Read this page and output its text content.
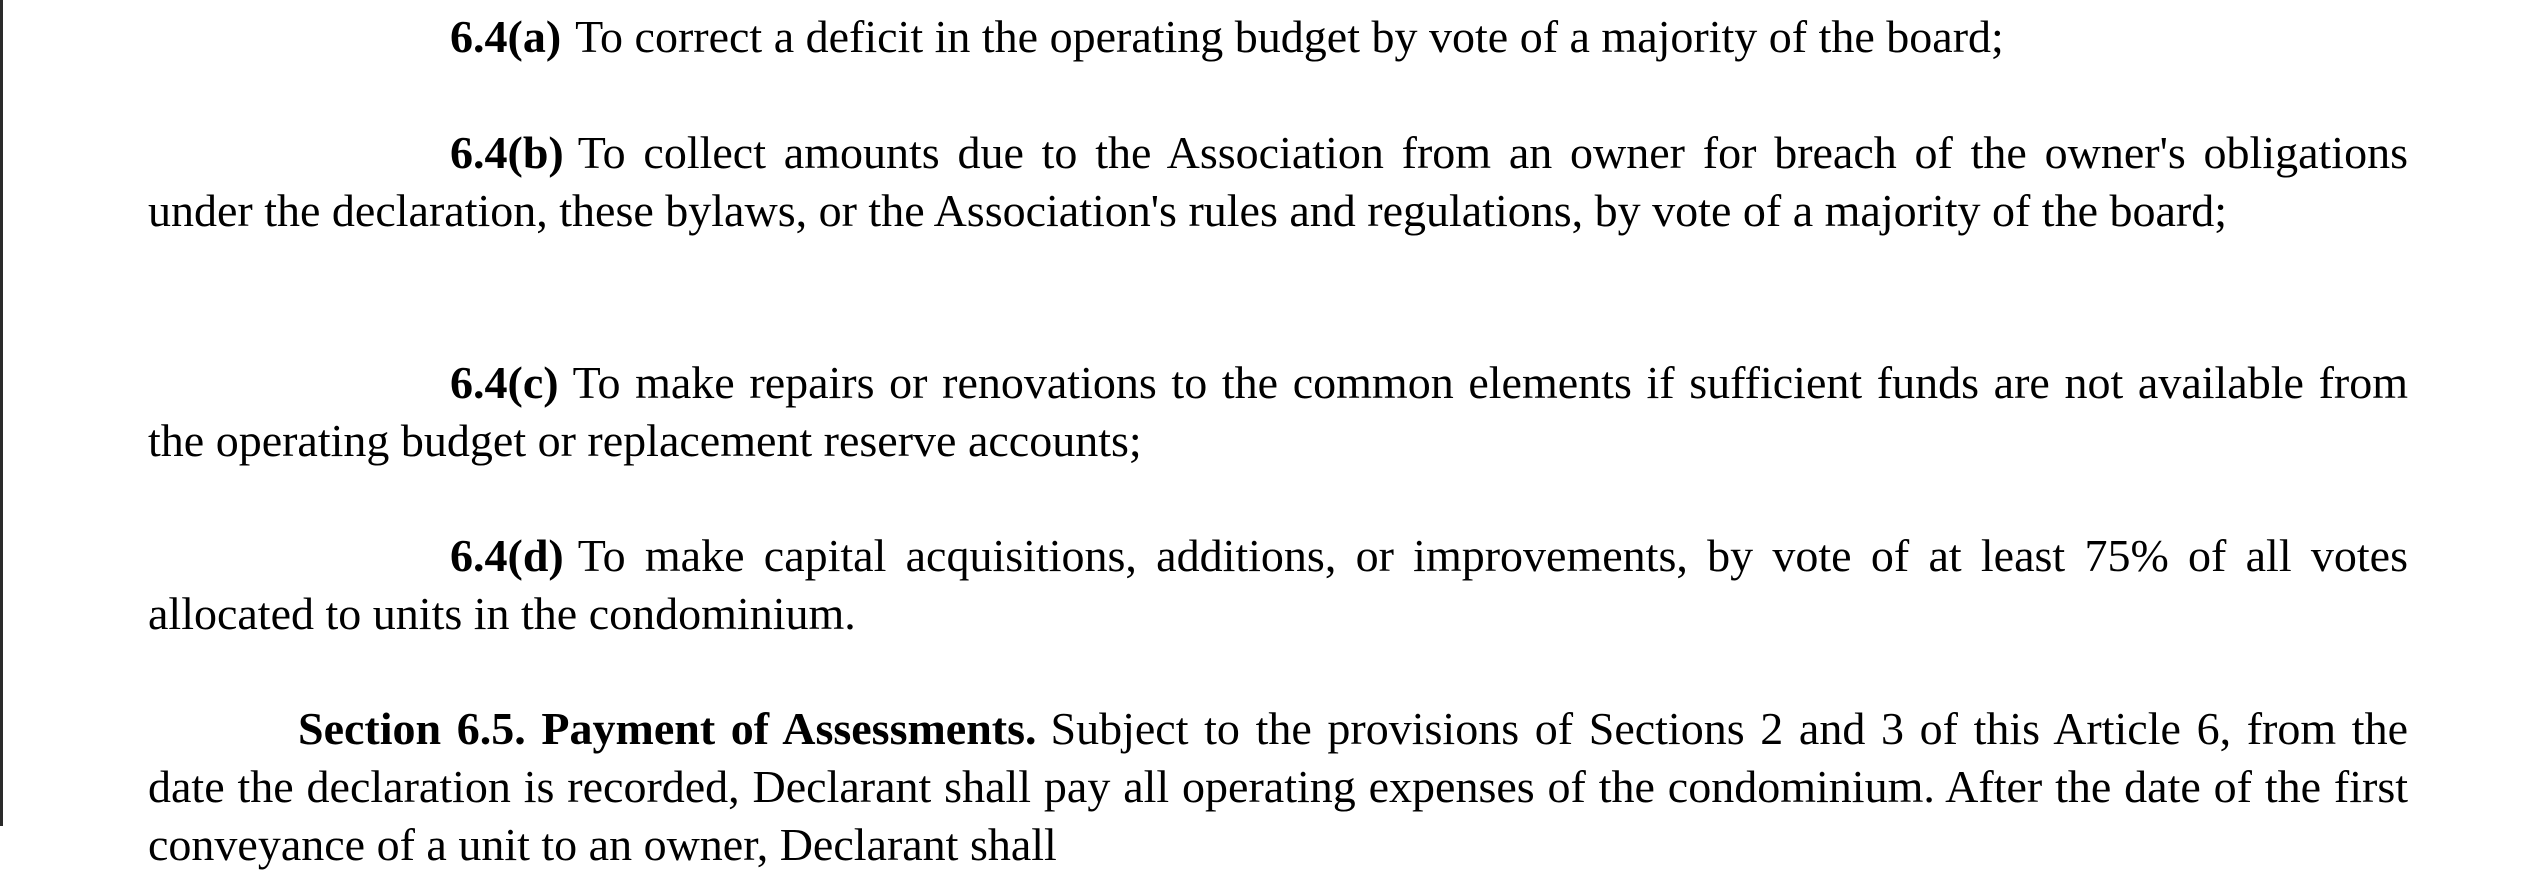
6.4(a) To correct a deficit in the operating budget by vote of a majority of the board;

6.4(b) To collect amounts due to the Association from an owner for breach of the owner's obligations under the declaration, these bylaws, or the Association's rules and regulations, by vote of a majority of the board;

6.4(c) To make repairs or renovations to the common elements if sufficient funds are not available from the operating budget or replacement reserve accounts;

6.4(d) To make capital acquisitions, additions, or improvements, by vote of at least 75% of all votes allocated to units in the condominium.

Section 6.5. Payment of Assessments. Subject to the provisions of Sections 2 and 3 of this Article 6, from the date the declaration is recorded, Declarant shall pay all operating expenses of the condominium. After the date of the first conveyance of a unit to an owner, Declarant shall
